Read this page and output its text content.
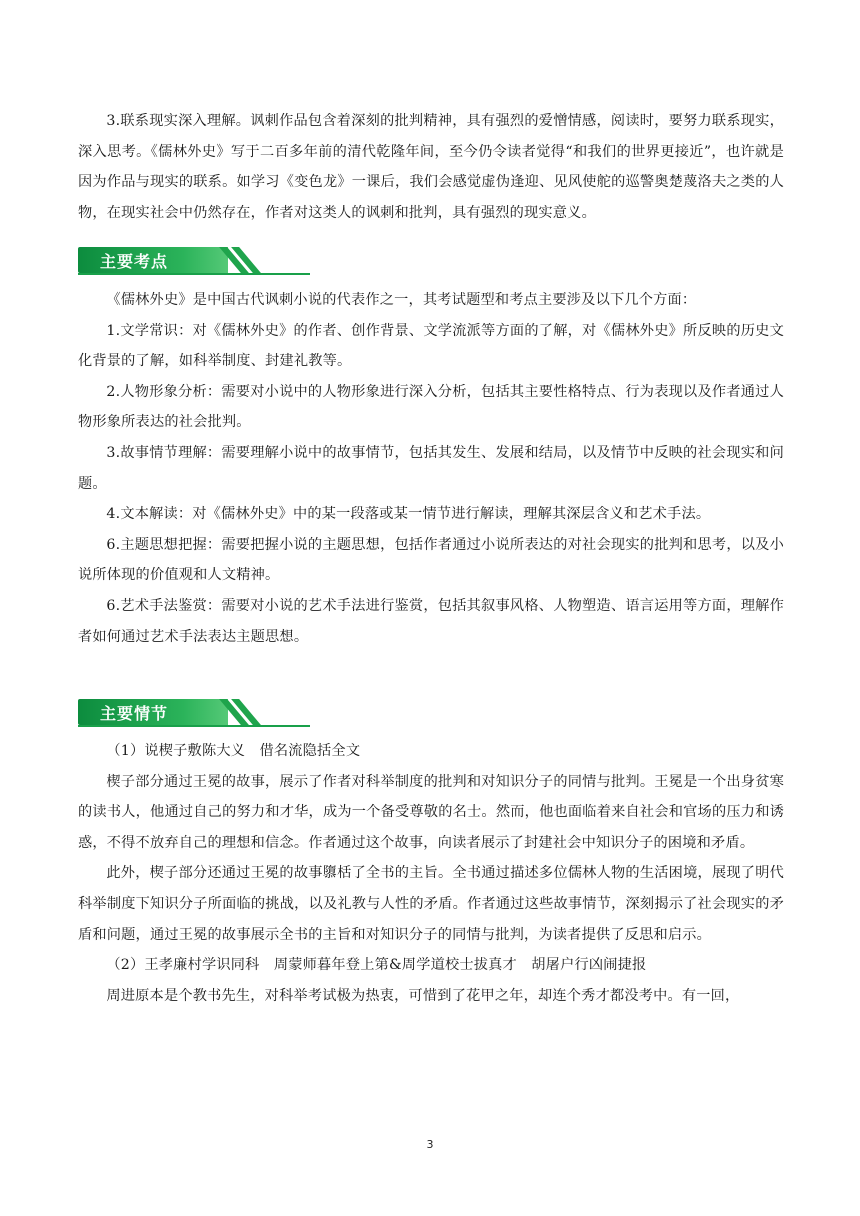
3.联系现实深入理解。讽刺作品包含着深刻的批判精神，具有强烈的爱憎情感，阅读时，要努力联系现实，深入思考。《儒林外史》写于二百多年前的清代乾隆年间，至今仍令读者觉得“和我们的世界更接近”，也许就是因为作品与现实的联系。如学习《变色龙》一课后，我们会感觉虚伪逢迎、见风使舵的巡警奥楚蔑洛夫之类的人物，在现实社会中仍然存在，作者对这类人的讽刺和批判，具有强烈的现实意义。

主要考点

《儒林外史》是中国古代讽刺小说的代表作之一，其考试题型和考点主要涉及以下几个方面：

1.文学常识：对《儒林外史》的作者、创作背景、文学流派等方面的了解，对《儒林外史》所反映的历史文化背景的了解，如科举制度、封建礼教等。

2.人物形象分析：需要对小说中的人物形象进行深入分析，包括其主要性格特点、行为表现以及作者通过人物形象所表达的社会批判。

3.故事情节理解：需要理解小说中的故事情节，包括其发生、发展和结局，以及情节中反映的社会现实和问题。

4.文本解读：对《儒林外史》中的某一段落或某一情节进行解读，理解其深层含义和艺术手法。

6.主题思想把握：需要把握小说的主题思想，包括作者通过小说所表达的对社会现实的批判和思考，以及小说所体现的价值观和人文精神。

6.艺术手法鉴赏：需要对小说的艺术手法进行鉴赏，包括其叙事风格、人物塑造、语言运用等方面，理解作者如何通过艺术手法表达主题思想。

主要情节

（1）说楔子敷陈大义　借名流隐括全文

楔子部分通过王冕的故事，展示了作者对科举制度的批判和对知识分子的同情与批判。王冕是一个出身贫寒的读书人，他通过自己的努力和才华，成为一个备受尊敬的名士。然而，他也面临着来自社会和官场的压力和诱惑，不得不放弃自己的理想和信念。作者通过这个故事，向读者展示了封建社会中知识分子的困境和矛盾。

此外，楔子部分还通过王冕的故事隳栝了全书的主旨。全书通过描述多位儒林人物的生活困境，展现了明代科举制度下知识分子所面临的挑战，以及礼教与人性的矛盾。作者通过这些故事情节，深刻揭示了社会现实的矛盾和问题，通过王冕的故事展示全书的主旨和对知识分子的同情与批判，为读者提供了反思和启示。

（2）王孝廉村学识同科　周蒙师暮年登上第&周学道校士拔真才　胡屠户行凶闹捷报

周进原本是个教书先生，对科举考试极为热衷，可惜到了花甲之年，却连个秀才都没考中。有一回，

3
